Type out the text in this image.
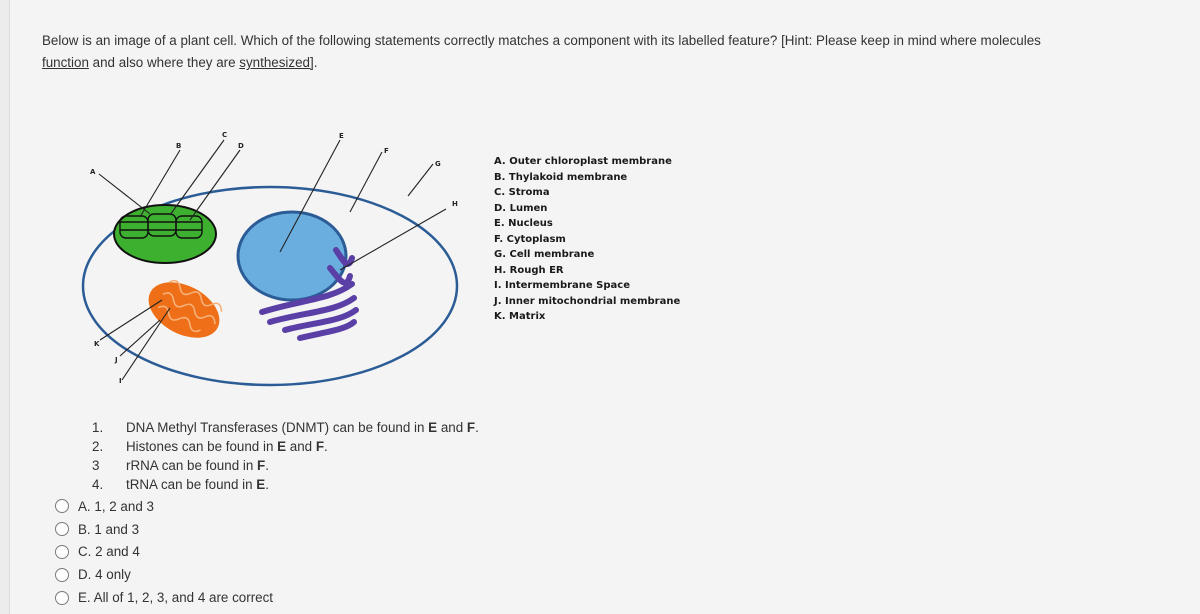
Below is an image of a plant cell. Which of the following statements correctly matches a component with its labelled feature? [Hint: Please keep in mind where molecules
function and also where they are synthesized].
A
B
C
D
E
F
G
H
I
J
K
A. Outer chloroplast membrane
B. Thylakoid membrane
C. Stroma
D. Lumen
E. Nucleus
F. Cytoplasm
G. Cell membrane
H. Rough ER
I. Intermembrane Space
J. Inner mitochondrial membrane
K. Matrix
1.	DNA Methyl Transferases (DNMT) can be found in E and F.
2.	Histones can be found in E and F.
3	rRNA can be found in F.
4.	tRNA can be found in E.
A. 1, 2 and 3
B. 1 and 3
C. 2 and 4
D. 4 only
E. All of 1, 2, 3, and 4 are correct
